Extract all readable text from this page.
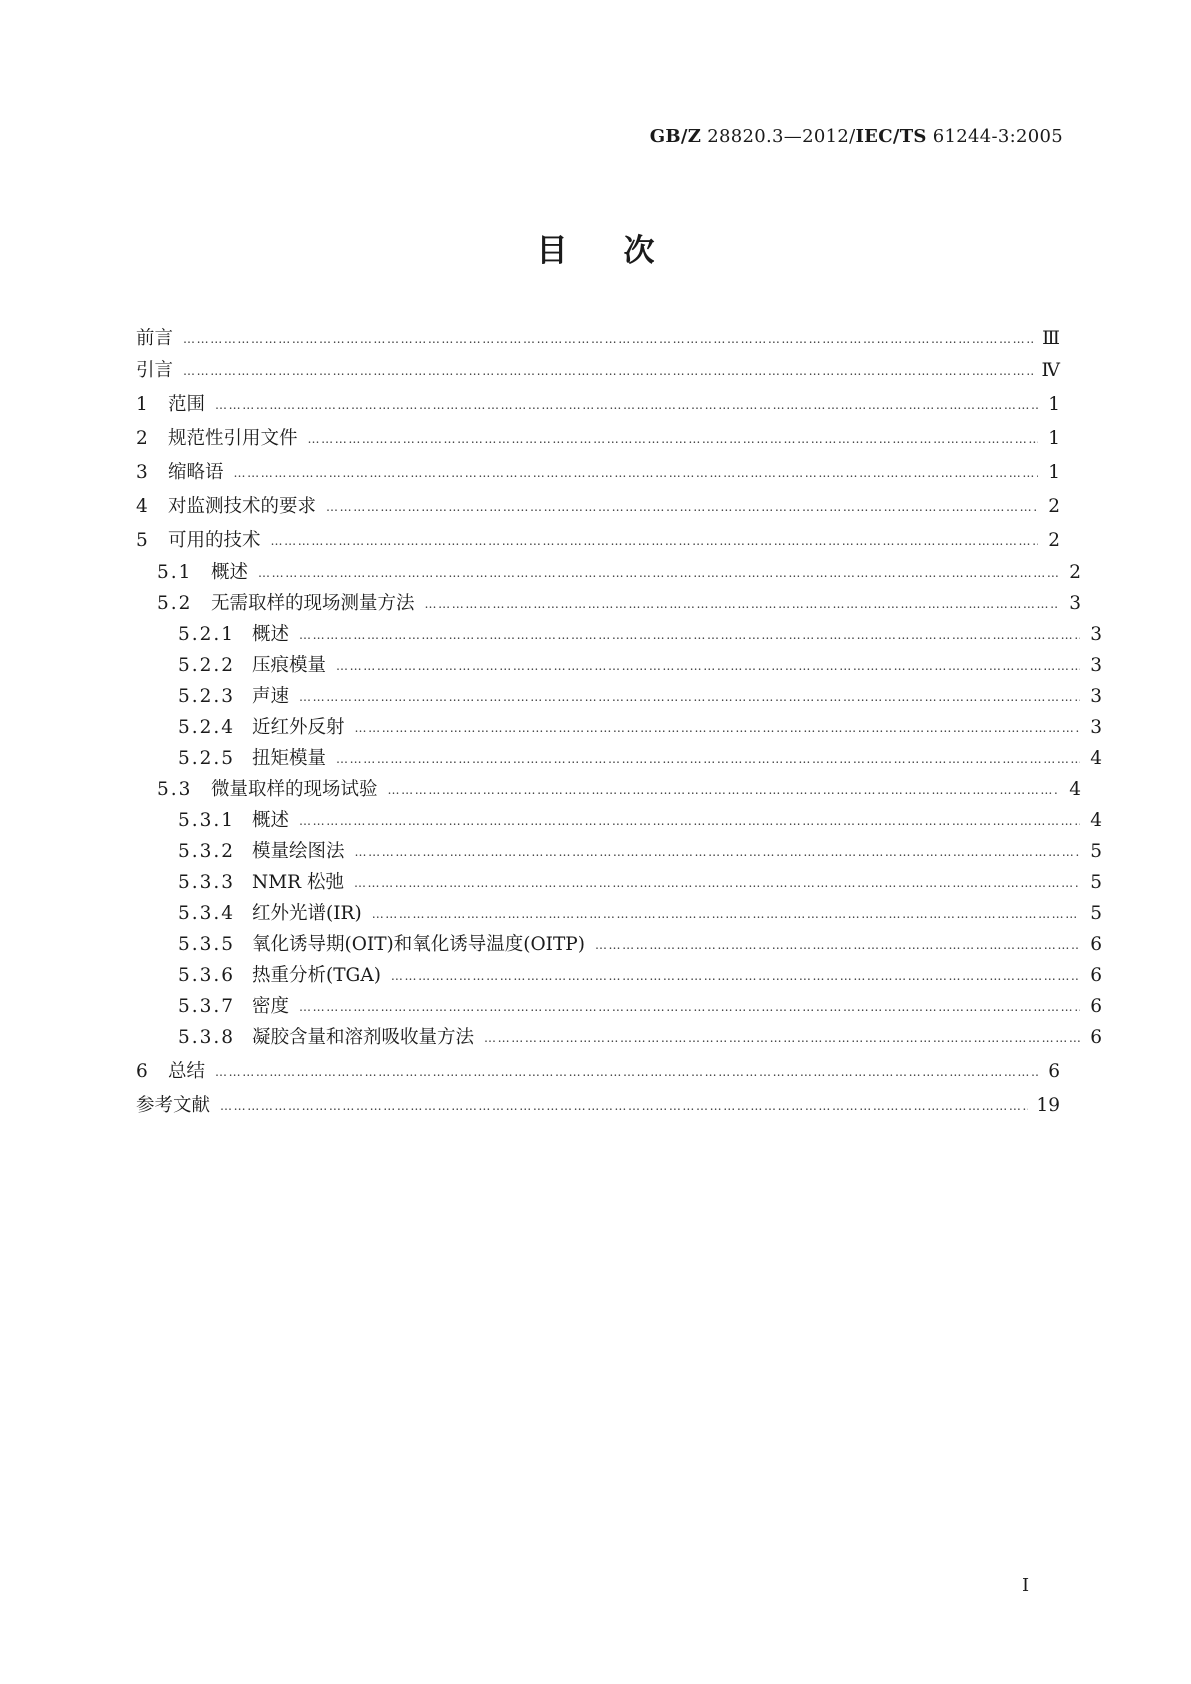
GB/Z 28820.3—2012/IEC/TS 61244-3:2005
目 次
前言 ……………………………………………………………………………………………………………………………………………………………………………………………………………………………………………………………………………	Ⅲ
引言 ……………………………………………………………………………………………………………………………………………………………………………………………………………………………………………………………………………	Ⅳ
1 范围 ……………………………………………………………………………………………………………………………………………………………………………………………………………………………………………………………………………	1
2 规范性引用文件 ……………………………………………………………………………………………………………………………………………………………………………………………………………………………………………………………………………	1
3 缩略语 ……………………………………………………………………………………………………………………………………………………………………………………………………………………………………………………………………………	1
4 对监测技术的要求 ……………………………………………………………………………………………………………………………………………………………………………………………………………………………………………………………………………	2
5 可用的技术 ……………………………………………………………………………………………………………………………………………………………………………………………………………………………………………………………………………	2
5.1	概述 ……………………………………………………………………………………………………………………………………………………………………………………………………………………………………………………………………………	2
5.2	无需取样的现场测量方法 ……………………………………………………………………………………………………………………………………………………………………………………………………………………………………………………………………………	3
5.2.1 概述 ……………………………………………………………………………………………………………………………………………………………………………………………………………………………………………………………………………	3
5.2.2 压痕模量 ……………………………………………………………………………………………………………………………………………………………………………………………………………………………………………………………………………	3
5.2.3 声速 ……………………………………………………………………………………………………………………………………………………………………………………………………………………………………………………………………………	3
5.2.4 近红外反射 ……………………………………………………………………………………………………………………………………………………………………………………………………………………………………………………………………………	3
5.2.5 扭矩模量 ……………………………………………………………………………………………………………………………………………………………………………………………………………………………………………………………………………	4
5.3	微量取样的现场试验 ……………………………………………………………………………………………………………………………………………………………………………………………………………………………………………………………………………	4
5.3.1 概述 ……………………………………………………………………………………………………………………………………………………………………………………………………………………………………………………………………………	4
5.3.2 模量绘图法 ……………………………………………………………………………………………………………………………………………………………………………………………………………………………………………………………………………	5
5.3.3 NMR 松弛 ……………………………………………………………………………………………………………………………………………………………………………………………………………………………………………………………………………	5
5.3.4 红外光谱(IR) ……………………………………………………………………………………………………………………………………………………………………………………………………………………………………………………………………………	5
5.3.5 氧化诱导期(OIT)和氧化诱导温度(OITP) ……………………………………………………………………………………………………………………………………………………………………………………………………………………………………………………………………………	6
5.3.6 热重分析(TGA) ……………………………………………………………………………………………………………………………………………………………………………………………………………………………………………………………………………	6
5.3.7 密度 ……………………………………………………………………………………………………………………………………………………………………………………………………………………………………………………………………………	6
5.3.8 凝胶含量和溶剂吸收量方法 ……………………………………………………………………………………………………………………………………………………………………………………………………………………………………………………………………………	6
6 总结 ……………………………………………………………………………………………………………………………………………………………………………………………………………………………………………………………………………	6
参考文献 ……………………………………………………………………………………………………………………………………………………………………………………………………………………………………………………………………………	19
I
